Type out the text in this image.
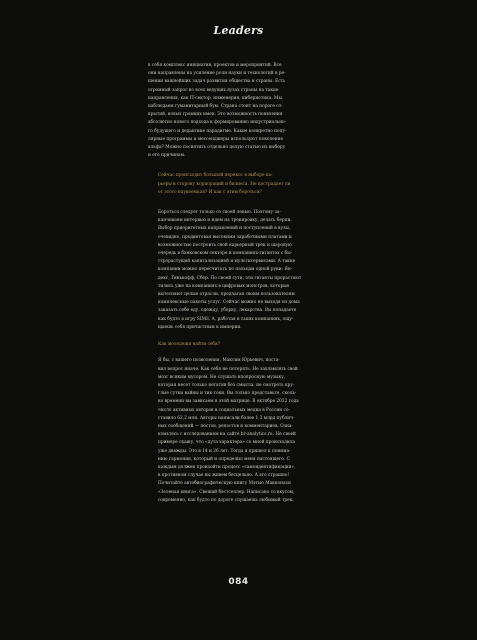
Leaders
в себя комплекс инициатив, проектов и мероприятий. Все
они направлены на усиление роли науки и технологий в ре-
шении важнейших задач развития общества и страны. Есть
огромный запрос во всех ведущих вузах страны на такие
направления, как IT-сектор, инженерия, кибернетика. Мы
наблюдаем гуманитарный бум. Страна стоит на пороге от-
крытий, новых громких имен. Это возможность появления
абсолютно нового подхода к формированию индустриально-
го будущего и дедактике парадигме. Какие конкретно попу-
лярные программы и мессенджеры используют поколение
альфа? Можно посвятить отдельно целую статью их выбору
и его причинам.
Сейчас происходит большой перекос в выборе ка-
рьеры в сторону корпораций и бизнеса. Не пострадает ли
от этого наукоемкая? И как с этим бороться?
Бороться следует только со своей ленью. Поэтому за-
канчиваем интервью и идем на тренировку, делать берпи.
Выбор приоритетных направлений и поступлений в вузы,
очевидно, продиктован высокими заработными платами и
возможностью построить свой карьерный трек и шаровую
очередь в банковском секторе и компаниях-гигантах с бы-
строрастущей капитализацией и мультисервисами. А такие
компании можно пересчитать по пальцам одной руки: Ян-
декс, Тинькофф, Сбер. По своей сути, эти гиганты прорастают
тились уже на компаниях в цифровых монстров, которые
вытесняют целые отрасли, предлагая своим пользователям
комплексные пакеты услуг. Сейчас можно не выходя из дома
заказать себе еду, одежду, уборку, лекарства. Вы попадаете
как будто в игру SIMS. А, работая в таких компаниях, ощу-
щаешь себя причастным к империи.
Как молодежи найти себя?
Я бы, с вашего позволения, Максим Юрьевич, поста-
вил вопрос иначе. Как себя не потерять. Не захламлять свой
мозг всяким мусором. Не слушать впопросную музыку,
которая несет только негатив без смысла, не смотреть кру-
глые сутки вайны и тик-токи. Вы только представьте, сколь-
ко времени вы зависаем в этой матрице. В октябре 2022 года
число активных авторов в социальных медиа в России со-
ставило 62,2 млн. Авторы написали более 1,3 млрд публич-
ных сообщений — постов, репостов и комментариев. Озна-
комьтесь с исследованием на сайте br-analytics.ru. Не своей
примере скажу, что «дута характера» со мной происходила
уже дважды. Это в 14 и 26 лет. Тогда я пришел к понима-
нию гармонии, который и определил меня настоящего. С
каждым должен произойти процесс «самоидентификации»,
в противном случае вы живем бесцельно. А это страшно!
Почитайте автобиографическую книгу Мэтью Макконахи
«Зеленая книга». Свежий бестселлер. Написано со вкусом,
современно, как будто по дороге слушаешь любимый трек.
084
